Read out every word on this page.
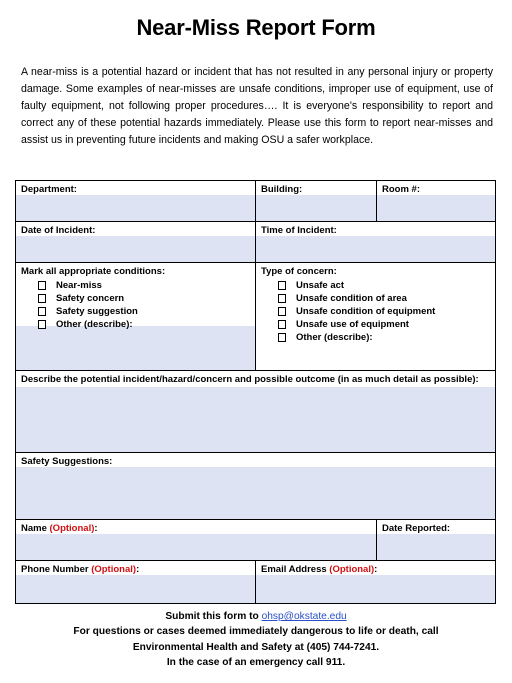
Near-Miss Report Form
A near-miss is a potential hazard or incident that has not resulted in any personal injury or property damage. Some examples of near-misses are unsafe conditions, improper use of equipment, use of faulty equipment, not following proper procedures…. It is everyone's responsibility to report and correct any of these potential hazards immediately. Please use this form to report near-misses and assist us in preventing future incidents and making OSU a safer workplace.
Department:	Building:	Room #:
Date of Incident:	Time of Incident:
Mark all appropriate conditions:
Near-miss
Safety concern
Safety suggestion
Other (describe):
Type of concern:
Unsafe act
Unsafe condition of area
Unsafe condition of equipment
Unsafe use of equipment
Other (describe):
Describe the potential incident/hazard/concern and possible outcome (in as much detail as possible):
Safety Suggestions:
Name (Optional):	Date Reported:
Phone Number (Optional):	Email Address (Optional):
Submit this form to ohsp@okstate.edu
For questions or cases deemed immediately dangerous to life or death, call
Environmental Health and Safety at (405) 744-7241.
In the case of an emergency call 911.
